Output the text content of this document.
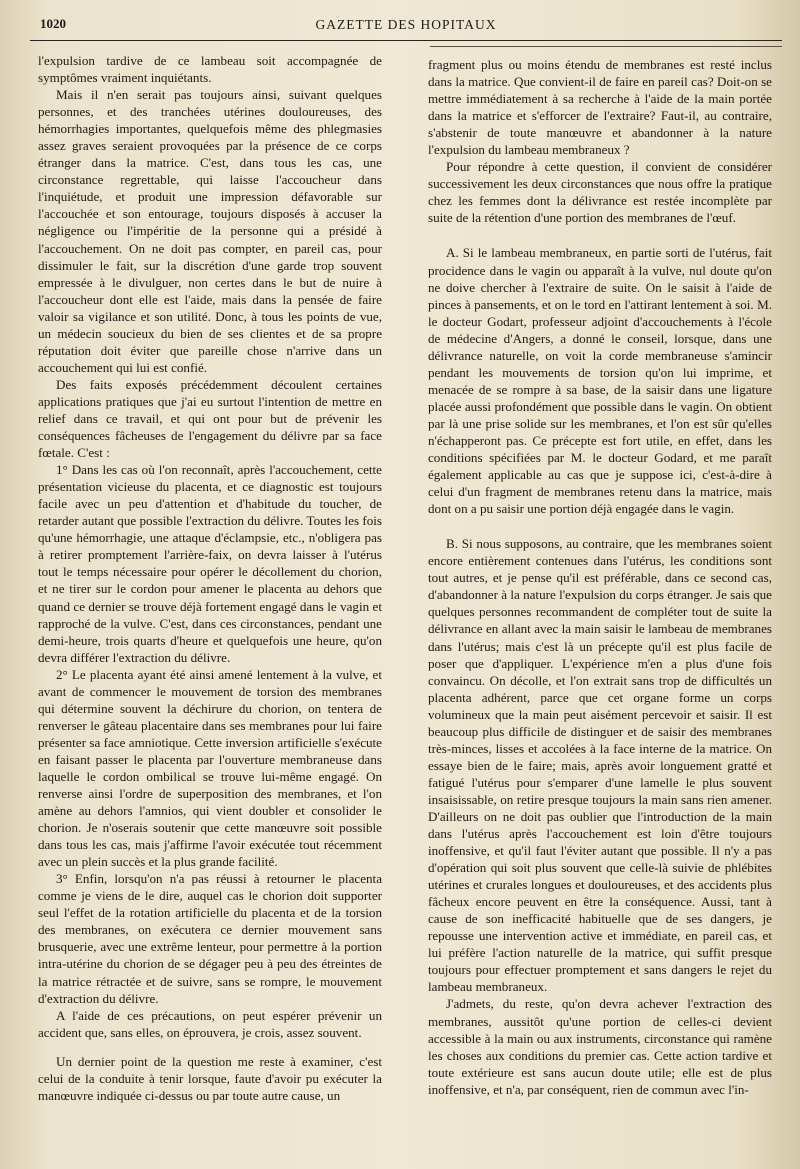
1020	GAZETTE DES HOPITAUX

l'expulsion tardive de ce lambeau soit accompagnée de symptômes vraiment inquiétants.

Mais il n'en serait pas toujours ainsi, suivant quelques personnes, et des tranchées utérines douloureuses, des hémorrhagies importantes, quelquefois même des phlegmasies assez graves seraient provoquées par la présence de ce corps étranger dans la matrice. C'est, dans tous les cas, une circonstance regrettable, qui laisse l'accoucheur dans l'inquiétude, et produit une impression défavorable sur l'accouchée et son entourage, toujours disposés à accuser la négligence ou l'impéritie de la personne qui a présidé à l'accouchement. On ne doit pas compter, en pareil cas, pour dissimuler le fait, sur la discrétion d'une garde trop souvent empressée à le divulguer, non certes dans le but de nuire à l'accoucheur dont elle est l'aide, mais dans la pensée de faire valoir sa vigilance et son utilité. Donc, à tous les points de vue, un médecin soucieux du bien de ses clientes et de sa propre réputation doit éviter que pareille chose n'arrive dans un accouchement qui lui est confié.

Des faits exposés précédemment découlent certaines applications pratiques que j'ai eu surtout l'intention de mettre en relief dans ce travail, et qui ont pour but de prévenir les conséquences fâcheuses de l'engagement du délivre par sa face fœtale. C'est :

1° Dans les cas où l'on reconnaît, après l'accouchement, cette présentation vicieuse du placenta, et ce diagnostic est toujours facile avec un peu d'attention et d'habitude du toucher, de retarder autant que possible l'extraction du délivre. Toutes les fois qu'une hémorrhagie, une attaque d'éclampsie, etc., n'obligera pas à retirer promptement l'arrière-faix, on devra laisser à l'utérus tout le temps nécessaire pour opérer le décollement du chorion, et ne tirer sur le cordon pour amener le placenta au dehors que quand ce dernier se trouve déjà fortement engagé dans le vagin et rapproché de la vulve. C'est, dans ces circonstances, pendant une demi-heure, trois quarts d'heure et quelquefois une heure, qu'on devra différer l'extraction du délivre.

2° Le placenta ayant été ainsi amené lentement à la vulve, et avant de commencer le mouvement de torsion des membranes qui détermine souvent la déchirure du chorion, on tentera de renverser le gâteau placentaire dans ses membranes pour lui faire présenter sa face amniotique. Cette inversion artificielle s'exécute en faisant passer le placenta par l'ouverture membraneuse dans laquelle le cordon ombilical se trouve lui-même engagé. On renverse ainsi l'ordre de superposition des membranes, et l'on amène au dehors l'amnios, qui vient doubler et consolider le chorion. Je n'oserais soutenir que cette manœuvre soit possible dans tous les cas, mais j'affirme l'avoir exécutée tout récemment avec un plein succès et la plus grande facilité.

3° Enfin, lorsqu'on n'a pas réussi à retourner le placenta comme je viens de le dire, auquel cas le chorion doit supporter seul l'effet de la rotation artificielle du placenta et de la torsion des membranes, on exécutera ce dernier mouvement sans brusquerie, avec une extrême lenteur, pour permettre à la portion intra-utérine du chorion de se dégager peu à peu des étreintes de la matrice rétractée et de suivre, sans se rompre, le mouvement d'extraction du délivre.

A l'aide de ces précautions, on peut espérer prévenir un accident que, sans elles, on éprouvera, je crois, assez souvent.

Un dernier point de la question me reste à examiner, c'est celui de la conduite à tenir lorsque, faute d'avoir pu exécuter la manœuvre indiquée ci-dessus ou par toute autre cause, un

fragment plus ou moins étendu de membranes est resté inclus dans la matrice. Que convient-il de faire en pareil cas? Doit-on se mettre immédiatement à sa recherche à l'aide de la main portée dans la matrice et s'efforcer de l'extraire? Faut-il, au contraire, s'abstenir de toute manœuvre et abandonner à la nature l'expulsion du lambeau membraneux ?

Pour répondre à cette question, il convient de considérer successivement les deux circonstances que nous offre la pratique chez les femmes dont la délivrance est restée incomplète par suite de la rétention d'une portion des membranes de l'œuf.

A. Si le lambeau membraneux, en partie sorti de l'utérus, fait procidence dans le vagin ou apparaît à la vulve, nul doute qu'on ne doive chercher à l'extraire de suite. On le saisit à l'aide de pinces à pansements, et on le tord en l'attirant lentement à soi. M. le docteur Godart, professeur adjoint d'accouchements à l'école de médecine d'Angers, a donné le conseil, lorsque, dans une délivrance naturelle, on voit la corde membraneuse s'amincir pendant les mouvements de torsion qu'on lui imprime, et menacée de se rompre à sa base, de la saisir dans une ligature placée aussi profondément que possible dans le vagin. On obtient par là une prise solide sur les membranes, et l'on est sûr qu'elles n'échapperont pas. Ce précepte est fort utile, en effet, dans les conditions spécifiées par M. le docteur Godard, et me paraît également applicable au cas que je suppose ici, c'est-à-dire à celui d'un fragment de membranes retenu dans la matrice, mais dont on a pu saisir une portion déjà engagée dans le vagin.

B. Si nous supposons, au contraire, que les membranes soient encore entièrement contenues dans l'utérus, les conditions sont tout autres, et je pense qu'il est préférable, dans ce second cas, d'abandonner à la nature l'expulsion du corps étranger. Je sais que quelques personnes recommandent de compléter tout de suite la délivrance en allant avec la main saisir le lambeau de membranes dans l'utérus; mais c'est là un précepte qu'il est plus facile de poser que d'appliquer. L'expérience m'en a plus d'une fois convaincu. On décolle, et l'on extrait sans trop de difficultés un placenta adhérent, parce que cet organe forme un corps volumineux que la main peut aisément percevoir et saisir. Il est beaucoup plus difficile de distinguer et de saisir des membranes très-minces, lisses et accolées à la face interne de la matrice. On essaye bien de le faire; mais, après avoir longuement gratté et fatigué l'utérus pour s'emparer d'une lamelle le plus souvent insaisissable, on retire presque toujours la main sans rien amener. D'ailleurs on ne doit pas oublier que l'introduction de la main dans l'utérus après l'accouchement est loin d'être toujours inoffensive, et qu'il faut l'éviter autant que possible. Il n'y a pas d'opération qui soit plus souvent que celle-là suivie de phlébites utérines et crurales longues et douloureuses, et des accidents plus fâcheux encore peuvent en être la conséquence. Aussi, tant à cause de son inefficacité habituelle que de ses dangers, je repousse une intervention active et immédiate, en pareil cas, et lui préfère l'action naturelle de la matrice, qui suffit presque toujours pour effectuer promptement et sans dangers le rejet du lambeau membraneux.

J'admets, du reste, qu'on devra achever l'extraction des membranes, aussitôt qu'une portion de celles-ci devient accessible à la main ou aux instruments, circonstance qui ramène les choses aux conditions du premier cas. Cette action tardive et toute extérieure est sans aucun doute utile; elle est de plus inoffensive, et n'a, par conséquent, rien de commun avec l'in-
